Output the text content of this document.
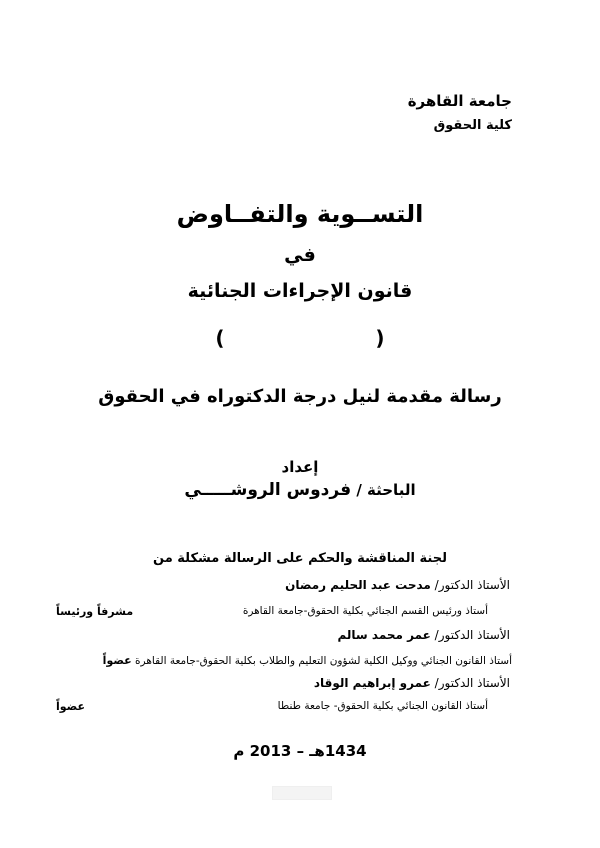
جامعة القاهرة
كلية الحقوق
التســوية والتفــاوض
في
قانون الإجراءات الجنائية
()
رسالة مقدمة لنيل درجة الدكتوراه في الحقوق
إعداد
الباحثة / فردوس الروشـــــي
لجنة المناقشة والحكم على الرسالة مشكلة من
الأستاذ الدكتور/ مدحت عبد الحليم رمضان
أستاذ ورئيس القسم الجنائي بكلية الحقوق-جامعة القاهرة
مشرفاً ورئيساً
الأستاذ الدكتور/ عمر محمد سالم
أستاذ القانون الجنائي ووكيل الكلية لشؤون التعليم والطلاب بكلية الحقوق-جامعة القاهرة عضواً
الأستاذ الدكتور/ عمرو إبراهيم الوقاد
أستاذ القانون الجنائي بكلية الحقوق- جامعة طنطا
عضواً
1434هـ – 2013 م
